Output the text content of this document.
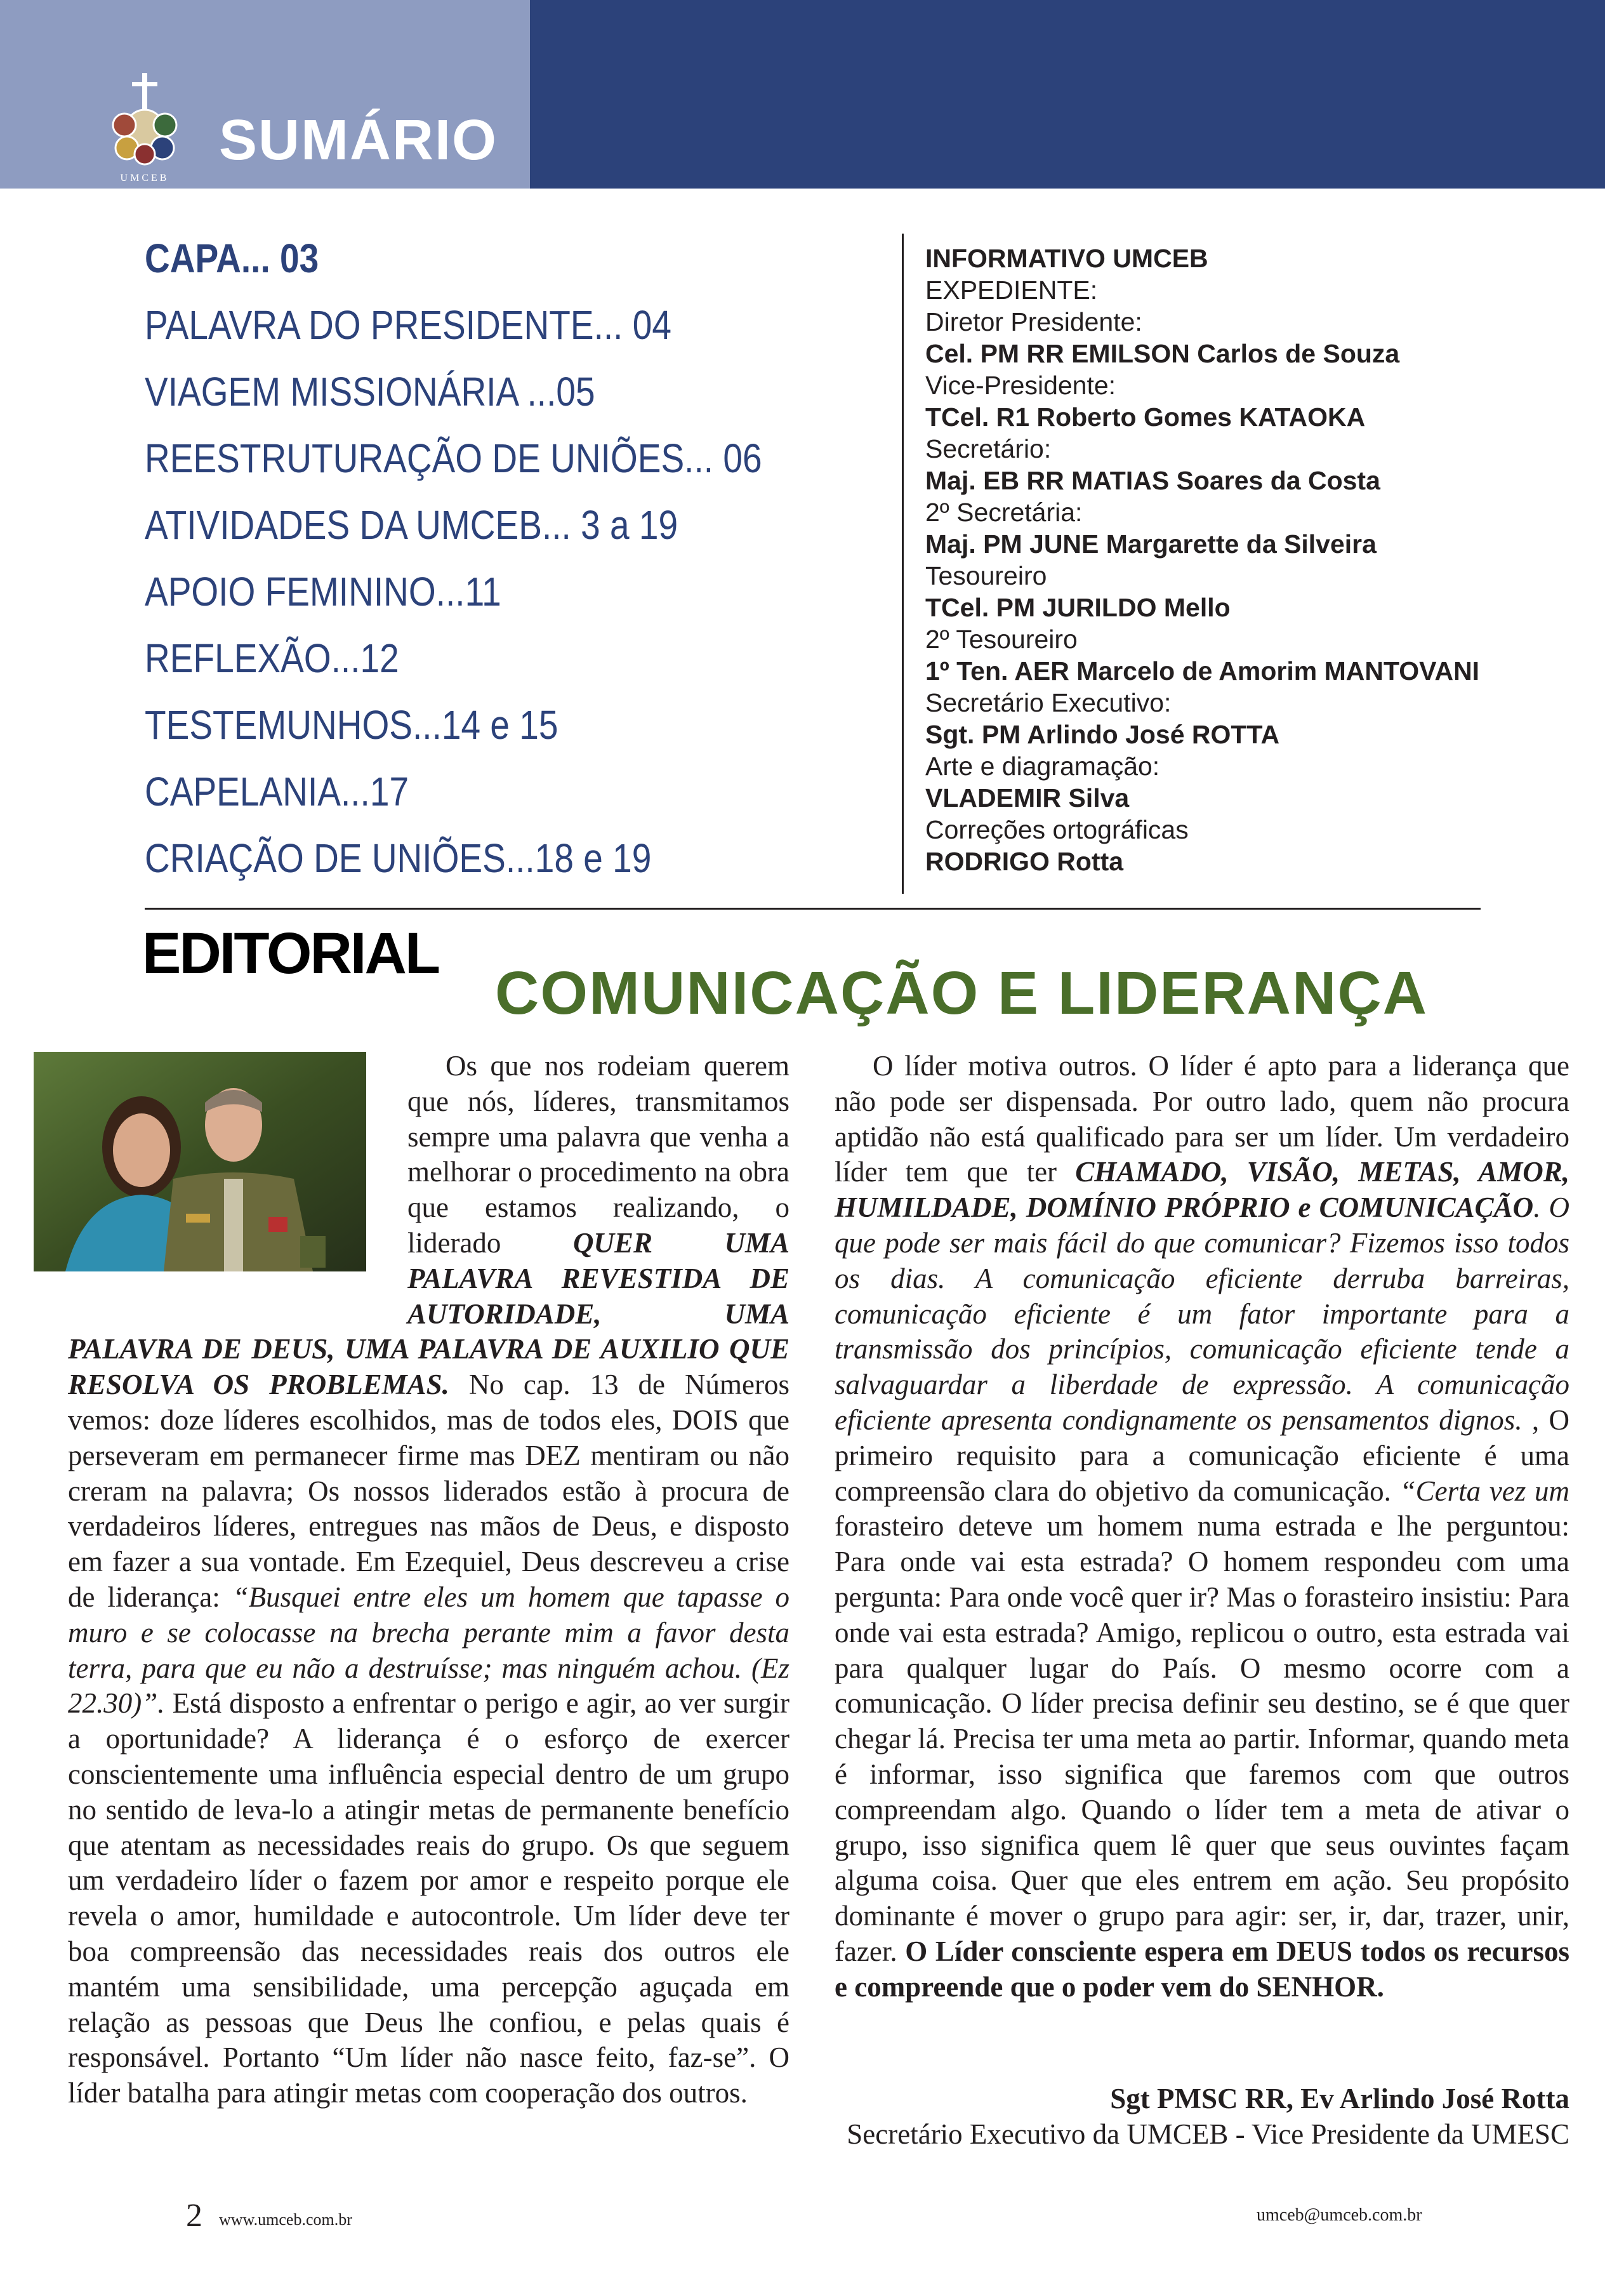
UMCEB
SUMÁRIO
CAPA... 03
PALAVRA DO PRESIDENTE... 04
VIAGEM MISSIONÁRIA ...05
REESTRUTURAÇÃO DE UNIÕES... 06
ATIVIDADES DA UMCEB... 3 a 19
APOIO FEMININO...11
REFLEXÃO...12
TESTEMUNHOS...14 e 15
CAPELANIA...17
CRIAÇÃO DE UNIÕES...18 e 19
INFORMATIVO UMCEB
EXPEDIENTE:
Diretor Presidente:
Cel. PM RR EMILSON Carlos de Souza
Vice-Presidente:
TCel. R1 Roberto Gomes KATAOKA
Secretário:
Maj. EB RR MATIAS Soares da Costa
2º Secretária:
Maj. PM JUNE Margarette da Silveira
Tesoureiro
TCel. PM JURILDO Mello
2º Tesoureiro
1º Ten. AER Marcelo de Amorim MANTOVANI
Secretário Executivo:
Sgt. PM Arlindo José ROTTA
Arte e diagramação:
VLADEMIR Silva
Correções ortográficas
RODRIGO Rotta
EDITORIAL
COMUNICAÇÃO E LIDERANÇA

Os que nos rodeiam querem que nós, líderes, transmitamos sempre uma palavra que venha a melhorar o procedimento na obra que estamos realizando, o liderado QUER UMA PALAVRA REVESTIDA DE AUTORIDADE, UMA PALAVRA DE DEUS, UMA PALAVRA DE AUXILIO QUE RESOLVA OS PROBLEMAS. No cap. 13 de Números vemos: doze líderes escolhidos, mas de todos eles, DOIS que perseveram em permanecer firme mas DEZ mentiram ou não creram na palavra; Os nossos liderados estão à procura de verdadeiros líderes, entregues nas mãos de Deus, e disposto em fazer a sua vontade. Em Ezequiel, Deus descreveu a crise de liderança: “Busquei entre eles um homem que tapasse o muro e se colocasse na brecha perante mim a favor desta terra, para que eu não a destruísse; mas ninguém achou. (Ez 22.30)”. Está disposto a enfrentar o perigo e agir, ao ver surgir a oportunidade? A liderança é o esforço de exercer conscientemente uma influência especial dentro de um grupo no sentido de leva-lo a atingir metas de permanente benefício que atentam as necessidades reais do grupo. Os que seguem um verdadeiro líder o fazem por amor e respeito porque ele revela o amor, humildade e autocontrole. Um líder deve ter boa compreensão das necessidades reais dos outros ele mantém uma sensibilidade, uma percepção aguçada em relação as pessoas que Deus lhe confiou, e pelas quais é responsável. Portanto “Um líder não nasce feito, faz-se”. O líder batalha para atingir metas com cooperação dos outros.

O líder motiva outros. O líder é apto para a liderança que não pode ser dispensada. Por outro lado, quem não procura aptidão não está qualificado para ser um líder. Um verdadeiro líder tem que ter CHAMADO, VISÃO, METAS, AMOR, HUMILDADE, DOMÍNIO PRÓPRIO e COMUNICAÇÃO. O que pode ser mais fácil do que comunicar? Fizemos isso todos os dias. A comunicação eficiente derruba barreiras, comunicação eficiente é um fator importante para a transmissão dos princípios, comunicação eficiente tende a salvaguardar a liberdade de expressão. A comunicação eficiente apresenta condignamente os pensamentos dignos. , O primeiro requisito para a comunicação eficiente é uma compreensão clara do objetivo da comunicação. “Certa vez um forasteiro deteve um homem numa estrada e lhe perguntou: Para onde vai esta estrada? O homem respondeu com uma pergunta: Para onde você quer ir? Mas o forasteiro insistiu: Para onde vai esta estrada? Amigo, replicou o outro, esta estrada vai para qualquer lugar do País. O mesmo ocorre com a comunicação. O líder precisa definir seu destino, se é que quer chegar lá. Precisa ter uma meta ao partir. Informar, quando meta é informar, isso significa que faremos com que outros compreendam algo. Quando o líder tem a meta de ativar o grupo, isso significa quem lê quer que seus ouvintes façam alguma coisa. Quer que eles entrem em ação. Seu propósito dominante é mover o grupo para agir: ser, ir, dar, trazer, unir, fazer. O Líder consciente espera em DEUS todos os recursos e compreende que o poder vem do SENHOR.

Sgt PMSC RR, Ev Arlindo José Rotta
Secretário Executivo da UMCEB - Vice Presidente da UMESC
2 www.umceb.com.br	umceb@umceb.com.br
